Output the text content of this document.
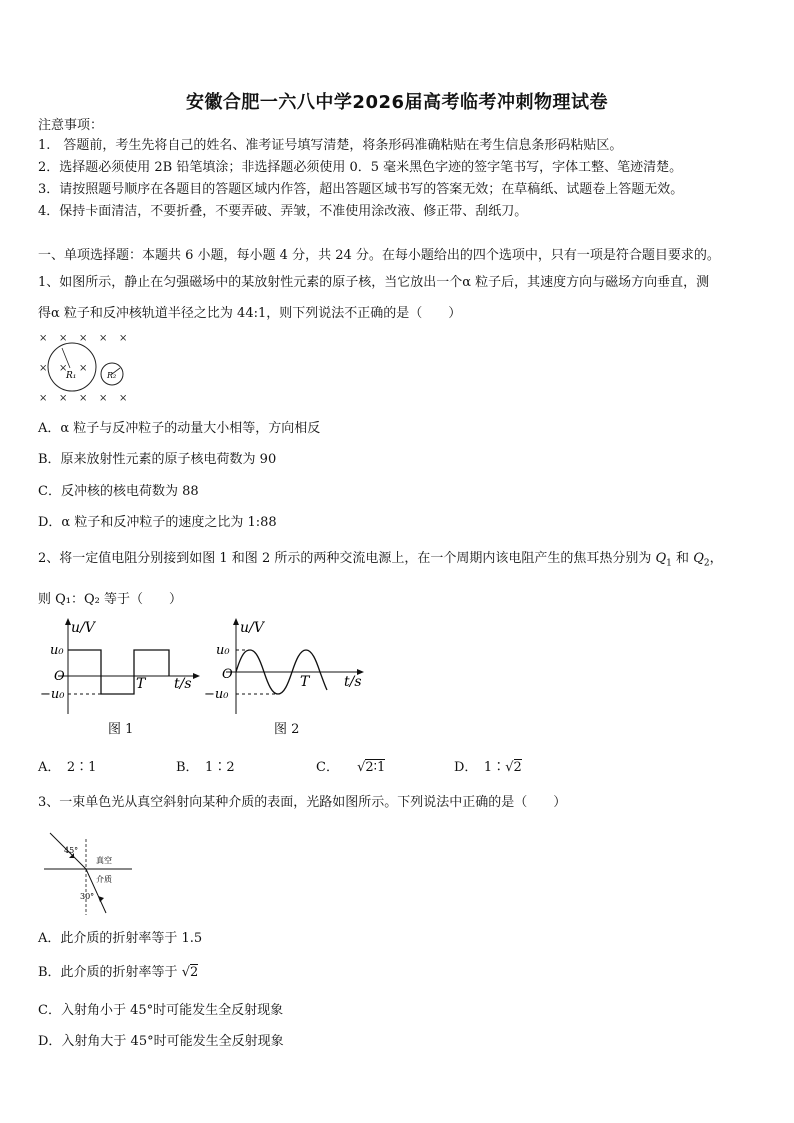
安徽合肥一六八中学2026届高考临考冲刺物理试卷
注意事项：
1.　答题前，考生先将自己的姓名、准考证号填写清楚，将条形码准确粘贴在考生信息条形码粘贴区。
2．选择题必须使用 2B 铅笔填涂；非选择题必须使用 0．5 毫米黑色字迹的签字笔书写，字体工整、笔迹清楚。
3．请按照题号顺序在各题目的答题区域内作答，超出答题区域书写的答案无效；在草稿纸、试题卷上答题无效。
4．保持卡面清洁，不要折叠，不要弄破、弄皱，不准使用涂改液、修正带、刮纸刀。
一、单项选择题：本题共 6 小题，每小题 4 分，共 24 分。在每小题给出的四个选项中，只有一项是符合题目要求的。
1、如图所示，静止在匀强磁场中的某放射性元素的原子核，当它放出一个α 粒子后，其速度方向与磁场方向垂直，测
得α 粒子和反冲核轨道半径之比为 44:1，则下列说法不正确的是（　　）
× × × × ×
× × ×
× × × × ×
R₁	R₂
A．α 粒子与反冲粒子的动量大小相等，方向相反
B．原来放射性元素的原子核电荷数为 90
C．反冲核的核电荷数为 88
D．α 粒子和反冲粒子的速度之比为 1:88
2、将一定值电阻分别接到如图 1 和图 2 所示的两种交流电源上，在一个周期内该电阻产生的焦耳热分别为 $Q_1$ 和 $Q_2$，
则 Q₁：Q₂ 等于（　　）
u/V
u₀
−u₀
O	T t/s
图 1
u/V
u₀
−u₀
O	T t/s
图 2
A．　2∶1	B．　1∶2	C． √2∶1	D．　1∶√2
3、一束单色光从真空斜射向某种介质的表面，光路如图所示。下列说法中正确的是（　　）
45°
30°
真空
介质
A．此介质的折射率等于 1.5
B．此介质的折射率等于 √2
C．入射角小于 45°时可能发生全反射现象
D．入射角大于 45°时可能发生全反射现象
